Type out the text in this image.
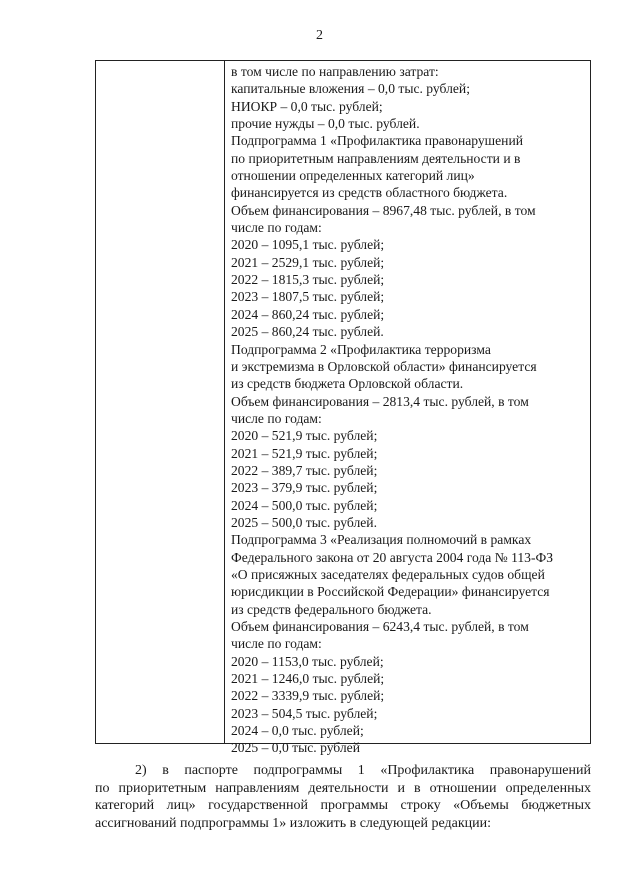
2
в том числе по направлению затрат:
капитальные вложения – 0,0 тыс. рублей;
НИОКР – 0,0 тыс. рублей;
прочие нужды – 0,0 тыс. рублей.
Подпрограмма 1 «Профилактика правонарушений
по приоритетным направлениям деятельности и в
отношении определенных категорий лиц»
финансируется из средств областного бюджета.
Объем финансирования – 8967,48 тыс. рублей, в том
числе по годам:
2020 – 1095,1 тыс. рублей;
2021 – 2529,1 тыс. рублей;
2022 – 1815,3 тыс. рублей;
2023 – 1807,5 тыс. рублей;
2024 – 860,24 тыс. рублей;
2025 – 860,24 тыс. рублей.
Подпрограмма 2 «Профилактика терроризма
и экстремизма в Орловской области» финансируется
из средств бюджета Орловской области.
Объем финансирования – 2813,4 тыс. рублей, в том
числе по годам:
2020 – 521,9 тыс. рублей;
2021 – 521,9 тыс. рублей;
2022 – 389,7 тыс. рублей;
2023 – 379,9 тыс. рублей;
2024 – 500,0 тыс. рублей;
2025 – 500,0 тыс. рублей.
Подпрограмма 3 «Реализация полномочий в рамках
Федерального закона от 20 августа 2004 года № 113-ФЗ
«О присяжных заседателях федеральных судов общей
юрисдикции в Российской Федерации» финансируется
из средств федерального бюджета.
Объем финансирования – 6243,4 тыс. рублей, в том
числе по годам:
2020 – 1153,0 тыс. рублей;
2021 – 1246,0 тыс. рублей;
2022 – 3339,9 тыс. рублей;
2023 – 504,5 тыс. рублей;
2024 – 0,0 тыс. рублей;
2025 – 0,0 тыс. рублей
2) в паспорте подпрограммы 1 «Профилактика правонарушений
по приоритетным направлениям деятельности и в отношении определенных
категорий лиц» государственной программы строку «Объемы бюджетных
ассигнований подпрограммы 1» изложить в следующей редакции:
